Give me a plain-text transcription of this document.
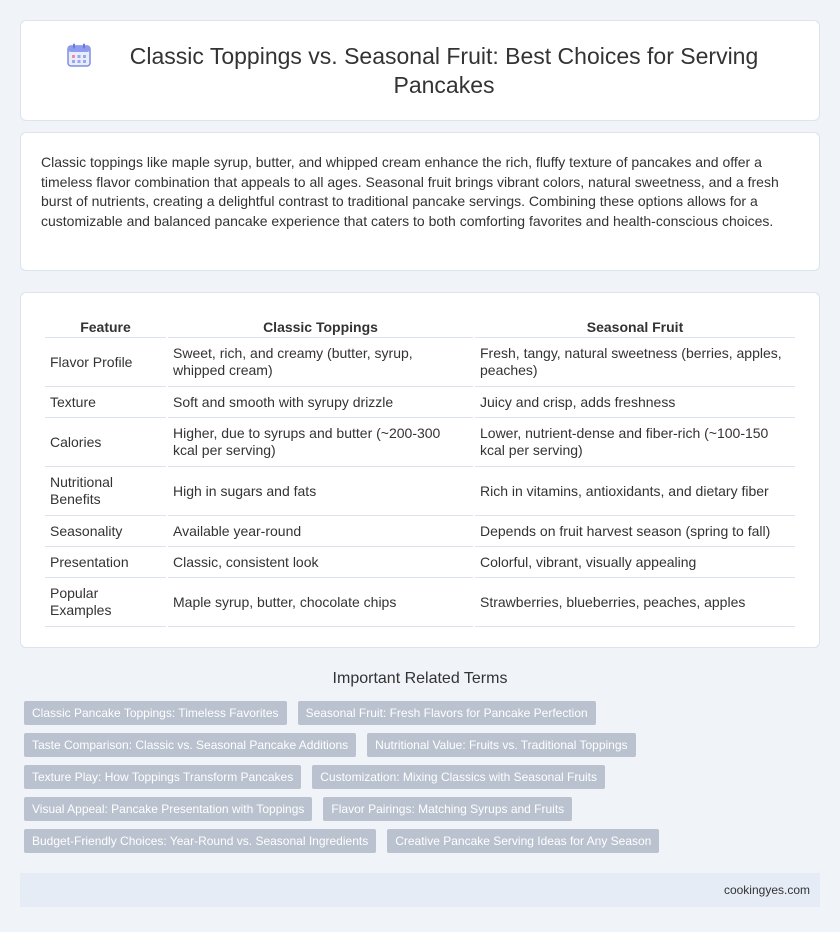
Classic Toppings vs. Seasonal Fruit: Best Choices for Serving Pancakes

Classic toppings like maple syrup, butter, and whipped cream enhance the rich, fluffy texture of pancakes and offer a timeless flavor combination that appeals to all ages. Seasonal fruit brings vibrant colors, natural sweetness, and a fresh burst of nutrients, creating a delightful contrast to traditional pancake servings. Combining these options allows for a customizable and balanced pancake experience that caters to both comforting favorites and health-conscious choices.

Feature	Classic Toppings	Seasonal Fruit
Flavor Profile	Sweet, rich, and creamy (butter, syrup, whipped cream)	Fresh, tangy, natural sweetness (berries, apples, peaches)
Texture	Soft and smooth with syrupy drizzle	Juicy and crisp, adds freshness
Calories	Higher, due to syrups and butter (~200-300 kcal per serving)	Lower, nutrient-dense and fiber-rich (~100-150 kcal per serving)
Nutritional Benefits	High in sugars and fats	Rich in vitamins, antioxidants, and dietary fiber
Seasonality	Available year-round	Depends on fruit harvest season (spring to fall)
Presentation	Classic, consistent look	Colorful, vibrant, visually appealing
Popular Examples	Maple syrup, butter, chocolate chips	Strawberries, blueberries, peaches, apples
Important Related Terms
Classic Pancake Toppings: Timeless Favorites	Seasonal Fruit: Fresh Flavors for Pancake Perfection
Taste Comparison: Classic vs. Seasonal Pancake Additions	Nutritional Value: Fruits vs. Traditional Toppings
Texture Play: How Toppings Transform Pancakes	Customization: Mixing Classics with Seasonal Fruits
Visual Appeal: Pancake Presentation with Toppings	Flavor Pairings: Matching Syrups and Fruits
Budget-Friendly Choices: Year-Round vs. Seasonal Ingredients	Creative Pancake Serving Ideas for Any Season
cookingyes.com
